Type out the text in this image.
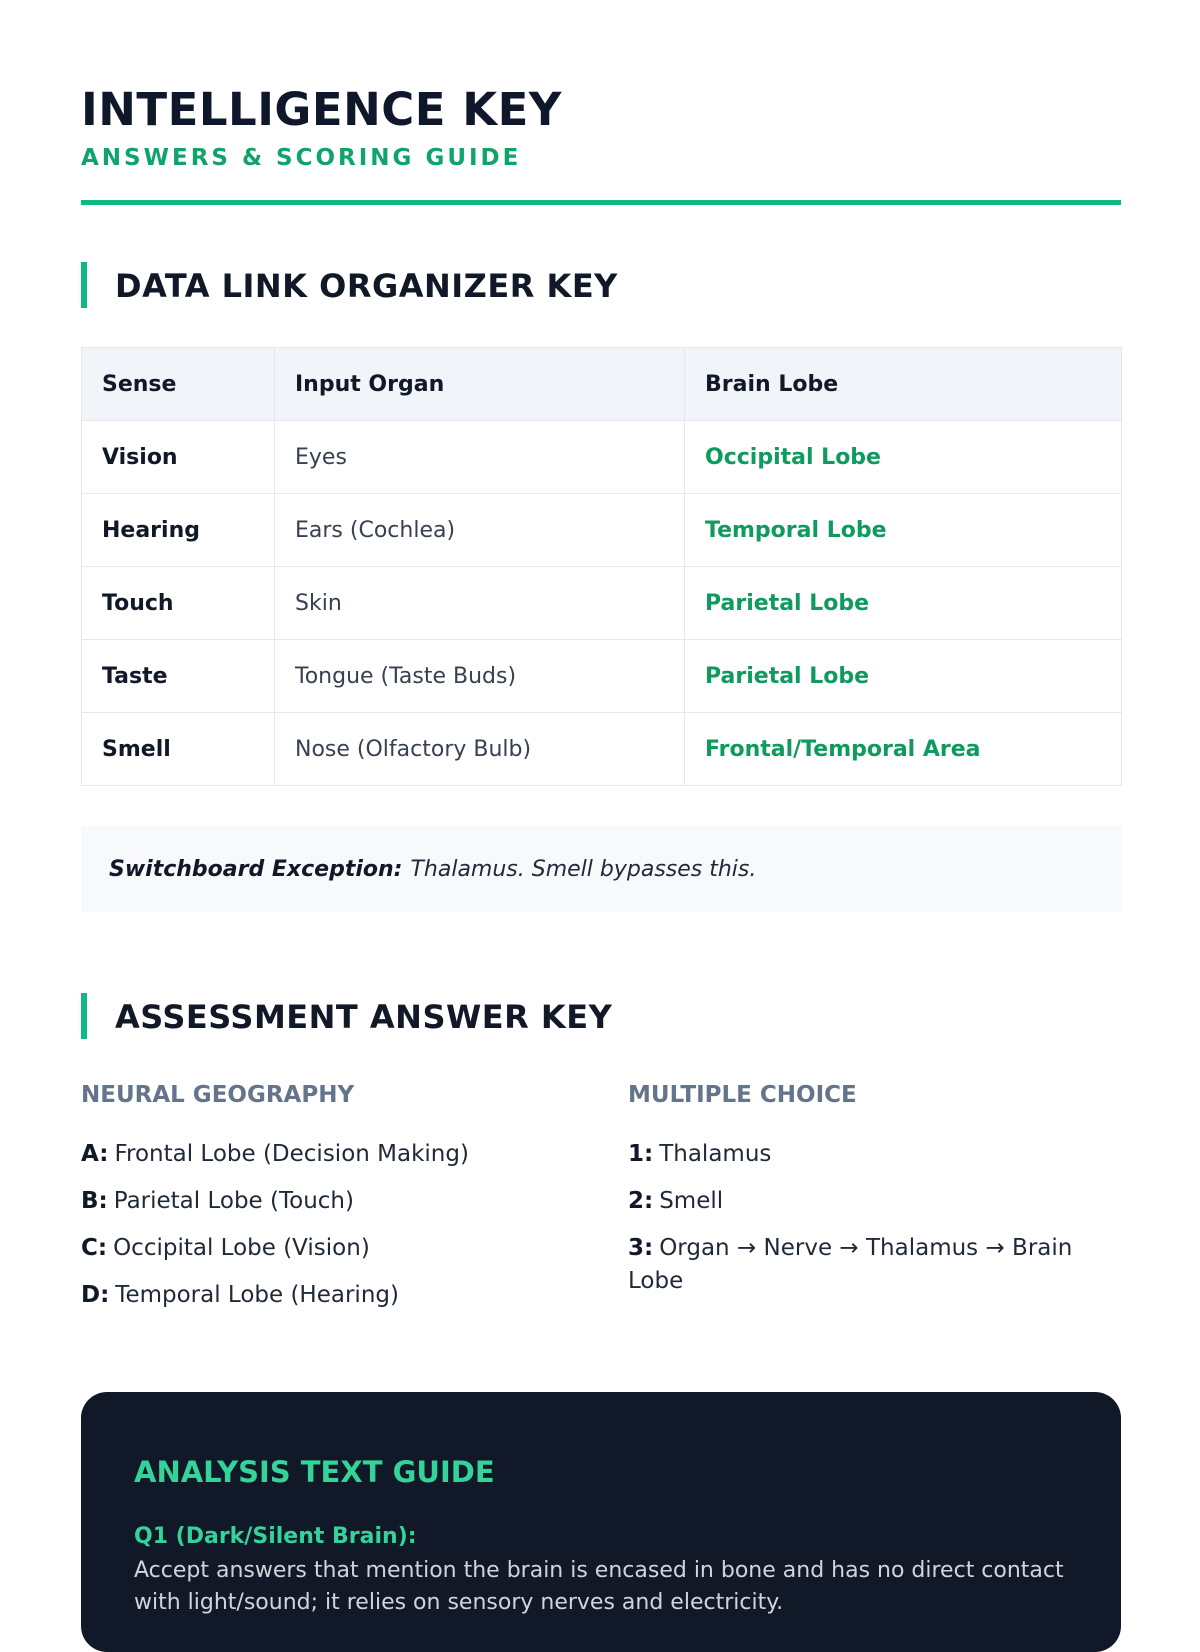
INTELLIGENCE KEY
ANSWERS & SCORING GUIDE
DATA LINK ORGANIZER KEY
Sense	Input Organ	Brain Lobe
Vision	Eyes	Occipital Lobe
Hearing	Ears (Cochlea)	Temporal Lobe
Touch	Skin	Parietal Lobe
Taste	Tongue (Taste Buds)	Parietal Lobe
Smell	Nose (Olfactory Bulb)	Frontal/Temporal Area
Switchboard Exception: Thalamus. Smell bypasses this.
ASSESSMENT ANSWER KEY
NEURAL GEOGRAPHY
A: Frontal Lobe (Decision Making)
B: Parietal Lobe (Touch)
C: Occipital Lobe (Vision)
D: Temporal Lobe (Hearing)
MULTIPLE CHOICE
1: Thalamus
2: Smell
3: Organ → Nerve → Thalamus → Brain Lobe
ANALYSIS TEXT GUIDE
Q1 (Dark/Silent Brain):

Accept answers that mention the brain is encased in bone and has no direct contact with light/sound; it relies on sensory nerves and electricity.
